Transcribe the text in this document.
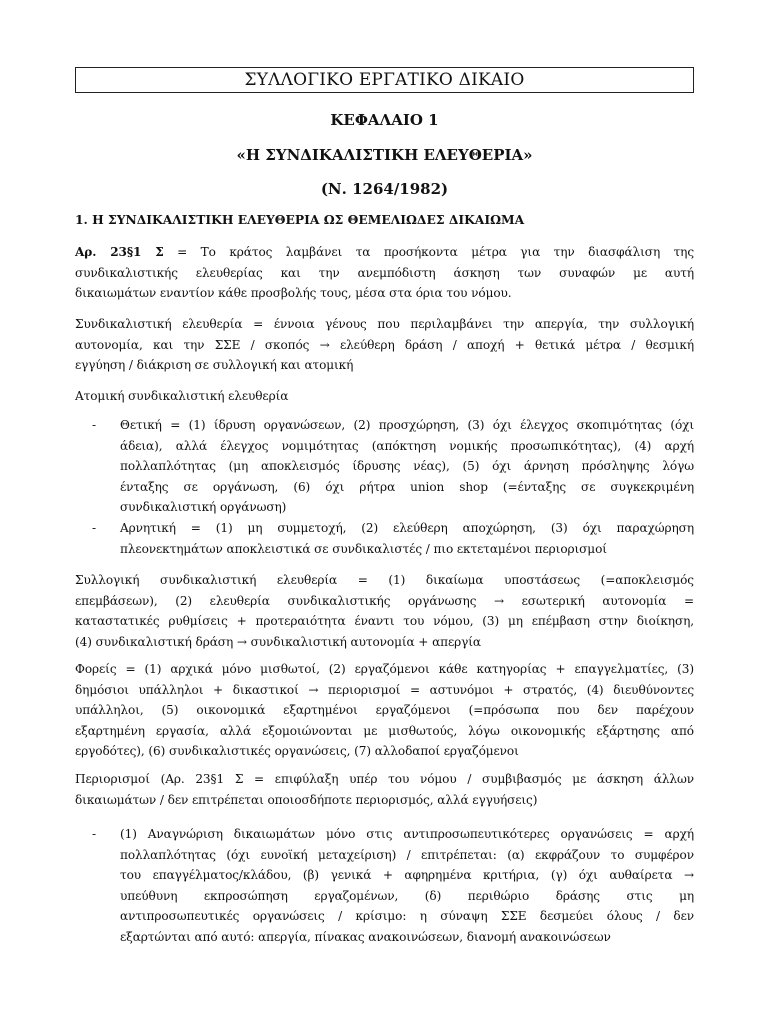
ΣΥΛΛΟΓΙΚΟ ΕΡΓΑΤΙΚΟ ΔΙΚΑΙΟ
ΚΕΦΑΛΑΙΟ 1
«Η ΣΥΝΔΙΚΑΛΙΣΤΙΚΗ ΕΛΕΥΘΕΡΙΑ»
(Ν. 1264/1982)
1. Η ΣΥΝΔΙΚΑΛΙΣΤΙΚΗ ΕΛΕΥΘΕΡΙΑ ΩΣ ΘΕΜΕΛΙΩΔΕΣ ΔΙΚΑΙΩΜΑ
Αρ. 23§1 Σ = Το κράτος λαμβάνει τα προσήκοντα μέτρα για την διασφάλιση της
συνδικαλιστικής ελευθερίας και την ανεμπόδιστη άσκηση των συναφών με αυτή
δικαιωμάτων εναντίον κάθε προσβολής τους, μέσα στα όρια του νόμου.
Συνδικαλιστική ελευθερία = έννοια γένους που περιλαμβάνει την απεργία, την συλλογική
αυτονομία, και την ΣΣΕ / σκοπός → ελεύθερη δράση / αποχή + θετικά μέτρα / θεσμική
εγγύηση / διάκριση σε συλλογική και ατομική
Ατομική συνδικαλιστική ελευθερία
- Θετική = (1) ίδρυση οργανώσεων, (2) προσχώρηση, (3) όχι έλεγχος σκοπιμότητας (όχι
άδεια), αλλά έλεγχος νομιμότητας (απόκτηση νομικής προσωπικότητας), (4) αρχή
πολλαπλότητας (μη αποκλεισμός ίδρυσης νέας), (5) όχι άρνηση πρόσληψης λόγω
ένταξης σε οργάνωση, (6) όχι ρήτρα union shop (=ένταξης σε συγκεκριμένη
συνδικαλιστική οργάνωση)
- Αρνητική = (1) μη συμμετοχή, (2) ελεύθερη αποχώρηση, (3) όχι παραχώρηση
πλεονεκτημάτων αποκλειστικά σε συνδικαλιστές / πιο εκτεταμένοι περιορισμοί
Συλλογική συνδικαλιστική ελευθερία = (1) δικαίωμα υποστάσεως (=αποκλεισμός
επεμβάσεων), (2) ελευθερία συνδικαλιστικής οργάνωσης → εσωτερική αυτονομία =
καταστατικές ρυθμίσεις + προτεραιότητα έναντι του νόμου, (3) μη επέμβαση στην διοίκηση,
(4) συνδικαλιστική δράση → συνδικαλιστική αυτονομία + απεργία
Φορείς = (1) αρχικά μόνο μισθωτοί, (2) εργαζόμενοι κάθε κατηγορίας + επαγγελματίες, (3)
δημόσιοι υπάλληλοι + δικαστικοί → περιορισμοί = αστυνόμοι + στρατός, (4) διευθύνοντες
υπάλληλοι, (5) οικονομικά εξαρτημένοι εργαζόμενοι (=πρόσωπα που δεν παρέχουν
εξαρτημένη εργασία, αλλά εξομοιώνονται με μισθωτούς, λόγω οικονομικής εξάρτησης από
εργοδότες), (6) συνδικαλιστικές οργανώσεις, (7) αλλοδαποί εργαζόμενοι
Περιορισμοί (Αρ. 23§1 Σ = επιφύλαξη υπέρ του νόμου / συμβιβασμός με άσκηση άλλων
δικαιωμάτων / δεν επιτρέπεται οποιοσδήποτε περιορισμός, αλλά εγγυήσεις)
- (1) Αναγνώριση δικαιωμάτων μόνο στις αντιπροσωπευτικότερες οργανώσεις = αρχή
πολλαπλότητας (όχι ευνοϊκή μεταχείριση) / επιτρέπεται: (α) εκφράζουν το συμφέρον
του επαγγέλματος/κλάδου, (β) γενικά + αφηρημένα κριτήρια, (γ) όχι αυθαίρετα →
υπεύθυνη εκπροσώπηση εργαζομένων, (δ) περιθώριο δράσης στις μη
αντιπροσωπευτικές οργανώσεις / κρίσιμο: η σύναψη ΣΣΕ δεσμεύει όλους / δεν
εξαρτώνται από αυτό: απεργία, πίνακας ανακοινώσεων, διανομή ανακοινώσεων
